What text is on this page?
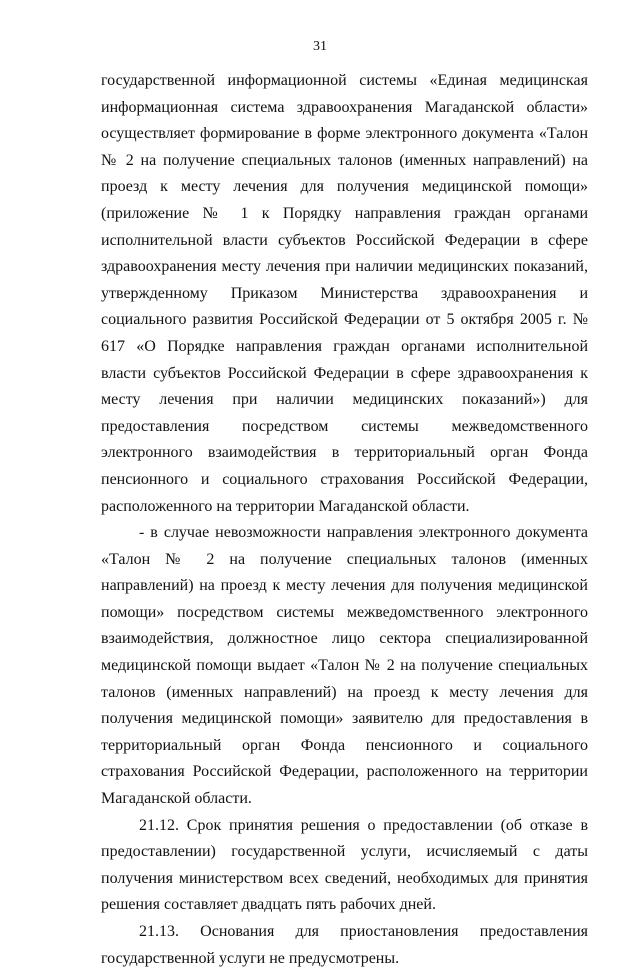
31

государственной информационной системы «Единая медицинская информационная система здравоохранения Магаданской области» осуществляет формирование в форме электронного документа «Талон № 2 на получение специальных талонов (именных направлений) на проезд к месту лечения для получения медицинской помощи» (приложение № 1 к Порядку направления граждан органами исполнительной власти субъектов Российской Федерации в сфере здравоохранения месту лечения при наличии медицинских показаний, утвержденному Приказом Министерства здравоохранения и социального развития Российской Федерации от 5 октября 2005 г. № 617 «О Порядке направления граждан органами исполнительной власти субъектов Российской Федерации в сфере здравоохранения к месту лечения при наличии медицинских показаний») для предоставления посредством системы межведомственного электронного взаимодействия в территориальный орган Фонда пенсионного и социального страхования Российской Федерации, расположенного на территории Магаданской области.

- в случае невозможности направления электронного документа «Талон № 2 на получение специальных талонов (именных направлений) на проезд к месту лечения для получения медицинской помощи» посредством системы межведомственного электронного взаимодействия, должностное лицо сектора специализированной медицинской помощи выдает «Талон № 2 на получение специальных талонов (именных направлений) на проезд к месту лечения для получения медицинской помощи» заявителю для предоставления в территориальный орган Фонда пенсионного и социального страхования Российской Федерации, расположенного на территории Магаданской области.

21.12. Срок принятия решения о предоставлении (об отказе в предоставлении) государственной услуги, исчисляемый с даты получения министерством всех сведений, необходимых для принятия решения составляет двадцать пять рабочих дней.

21.13. Основания для приостановления предоставления государственной услуги не предусмотрены.
